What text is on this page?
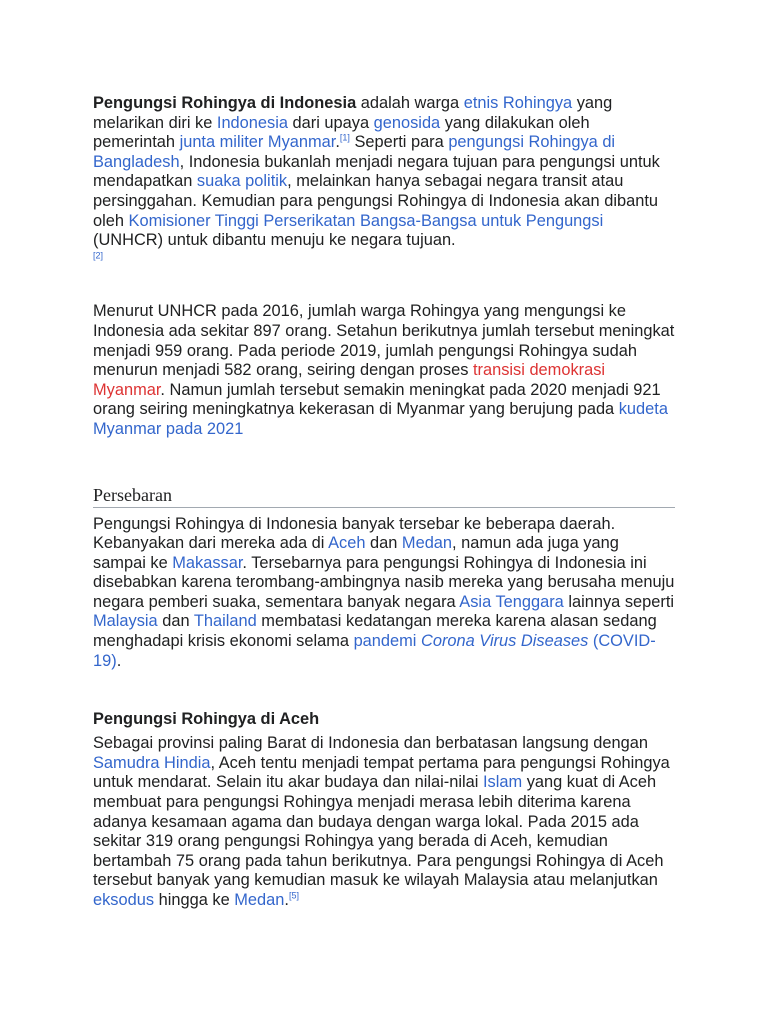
Pengungsi Rohingya di Indonesia adalah warga etnis Rohingya yang melarikan diri ke Indonesia dari upaya genosida yang dilakukan oleh pemerintah junta militer Myanmar.[1] Seperti para pengungsi Rohingya di Bangladesh, Indonesia bukanlah menjadi negara tujuan para pengungsi untuk mendapatkan suaka politik, melainkan hanya sebagai negara transit atau persinggahan. Kemudian para pengungsi Rohingya di Indonesia akan dibantu oleh Komisioner Tinggi Perserikatan Bangsa-Bangsa untuk Pengungsi (UNHCR) untuk dibantu menuju ke negara tujuan.
[2]

Menurut UNHCR pada 2016, jumlah warga Rohingya yang mengungsi ke Indonesia ada sekitar 897 orang. Setahun berikutnya jumlah tersebut meningkat menjadi 959 orang. Pada periode 2019, jumlah pengungsi Rohingya sudah menurun menjadi 582 orang, seiring dengan proses transisi demokrasi Myanmar. Namun jumlah tersebut semakin meningkat pada 2020 menjadi 921 orang seiring meningkatnya kekerasan di Myanmar yang berujung pada kudeta Myanmar pada 2021

Persebaran

Pengungsi Rohingya di Indonesia banyak tersebar ke beberapa daerah. Kebanyakan dari mereka ada di Aceh dan Medan, namun ada juga yang sampai ke Makassar. Tersebarnya para pengungsi Rohingya di Indonesia ini disebabkan karena terombang-ambingnya nasib mereka yang berusaha menuju negara pemberi suaka, sementara banyak negara Asia Tenggara lainnya seperti Malaysia dan Thailand membatasi kedatangan mereka karena alasan sedang menghadapi krisis ekonomi selama pandemi Corona Virus Diseases (COVID-19).

Pengungsi Rohingya di Aceh

Sebagai provinsi paling Barat di Indonesia dan berbatasan langsung dengan Samudra Hindia, Aceh tentu menjadi tempat pertama para pengungsi Rohingya untuk mendarat. Selain itu akar budaya dan nilai-nilai Islam yang kuat di Aceh membuat para pengungsi Rohingya menjadi merasa lebih diterima karena adanya kesamaan agama dan budaya dengan warga lokal. Pada 2015 ada sekitar 319 orang pengungsi Rohingya yang berada di Aceh, kemudian bertambah 75 orang pada tahun berikutnya. Para pengungsi Rohingya di Aceh tersebut banyak yang kemudian masuk ke wilayah Malaysia atau melanjutkan eksodus hingga ke Medan.[5]
